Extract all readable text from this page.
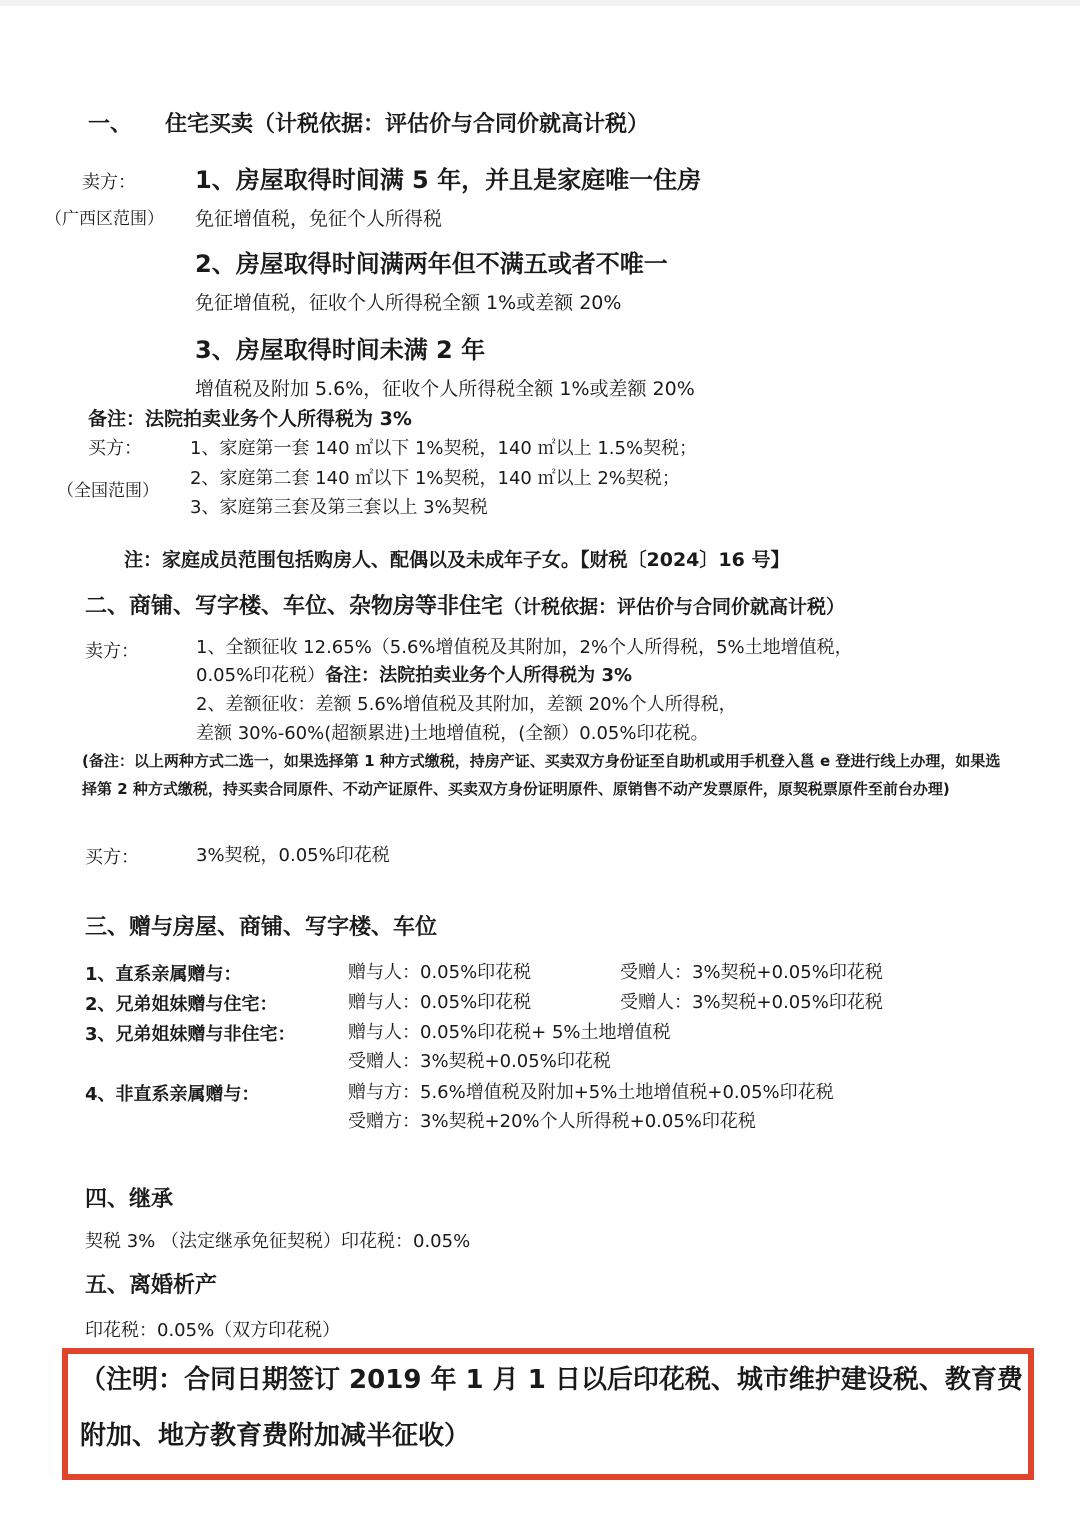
一、 住宅买卖（计税依据：评估价与合同价就高计税）
卖方：
（广西区范围）
1、房屋取得时间满 5 年，并且是家庭唯一住房
免征增值税，免征个人所得税
2、房屋取得时间满两年但不满五或者不唯一
免征增值税，征收个人所得税全额 1%或差额 20%
3、房屋取得时间未满 2 年
增值税及附加 5.6%，征收个人所得税全额 1%或差额 20%
备注：法院拍卖业务个人所得税为 3%
买方：
（全国范围）
1、家庭第一套 140 ㎡以下 1%契税，140 ㎡以上 1.5%契税；
2、家庭第二套 140 ㎡以下 1%契税，140 ㎡以上 2%契税；
3、家庭第三套及第三套以上 3%契税
注：家庭成员范围包括购房人、配偶以及未成年子女。【财税〔2024〕16 号】
二、商铺、写字楼、车位、杂物房等非住宅（计税依据：评估价与合同价就高计税）
卖方：	1、全额征收 12.65%（5.6%增值税及其附加，2%个人所得税，5%土地增值税，
0.05%印花税）备注：法院拍卖业务个人所得税为 3%
2、差额征收：差额 5.6%增值税及其附加，差额 20%个人所得税，
差额 30%-60%(超额累进)土地增值税，(全额）0.05%印花税。
(备注：以上两种方式二选一，如果选择第 1 种方式缴税，持房产证、买卖双方身份证至自助机或用手机登入邕 e 登进行线上办理，如果选择第 2 种方式缴税，持买卖合同原件、不动产证原件、买卖双方身份证明原件、原销售不动产发票原件，原契税票原件至前台办理)
买方：	3%契税，0.05%印花税
三、赠与房屋、商铺、写字楼、车位
1、直系亲属赠与：	赠与人：0.05%印花税	受赠人：3%契税+0.05%印花税
2、兄弟姐妹赠与住宅：	赠与人：0.05%印花税	受赠人：3%契税+0.05%印花税
3、兄弟姐妹赠与非住宅：	赠与人：0.05%印花税+ 5%土地增值税
受赠人：3%契税+0.05%印花税
4、非直系亲属赠与：	赠与方：5.6%增值税及附加+5%土地增值税+0.05%印花税
受赠方：3%契税+20%个人所得税+0.05%印花税
四、继承
契税 3% （法定继承免征契税）印花税：0.05%
五、离婚析产
印花税：0.05%（双方印花税）
（注明：合同日期签订 2019 年 1 月 1 日以后印花税、城市维护建设税、教育费附加、地方教育费附加减半征收）
